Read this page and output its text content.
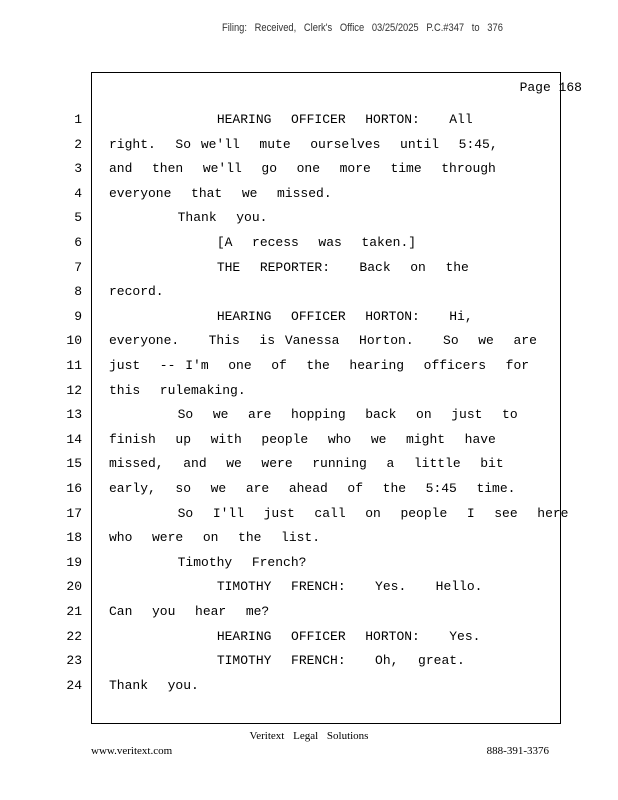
Filing: Received, Clerk's Office 03/25/2025 P.C.#347 to 376
Page 168
1 HEARING  OFFICER  HORTON:   All
2 right.  So we'll  mute  ourselves  until  5:45,
3 and  then  we'll  go  one  more  time  through
4 everyone  that  we  missed.
5 Thank  you.
6 [A  recess  was  taken.]
7 THE  REPORTER:   Back  on  the
8 record.
9 HEARING  OFFICER  HORTON:   Hi,
10 everyone.   This  is Vanessa  Horton.   So  we  are
11 just  -- I'm  one  of  the  hearing  officers  for
12 this  rulemaking.
13 So  we  are  hopping  back  on  just  to
14 finish  up  with  people  who  we  might  have
15 missed,  and  we  were  running  a  little  bit
16 early,  so  we  are  ahead  of  the  5:45  time.
17 So  I'll  just  call  on  people  I  see  here
18 who  were  on  the  list.
19 Timothy  French?
20 TIMOTHY  FRENCH:   Yes.   Hello.
21 Can  you  hear  me?
22 HEARING  OFFICER  HORTON:   Yes.
23 TIMOTHY  FRENCH:   Oh,  great.
24 Thank  you.
Veritext Legal Solutions
www.veritext.com	888-391-3376
